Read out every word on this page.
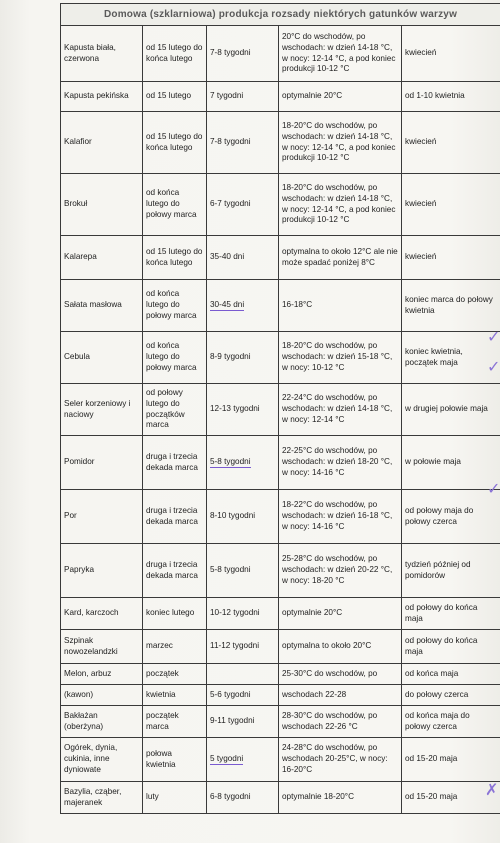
Domowa (szklarniowa) produkcja rozsady niektórych gatunków warzyw				
Kapusta biała, czerwona	od 15 lutego do końca lutego	7-8 tygodni	20°C do wschodów, po wschodach: w dzień 14-18 °C, w nocy: 12-14 °C, a pod koniec produkcji 10-12 °C	kwiecień
Kapusta pekińska	od 15 lutego	7 tygodni	optymalnie 20°C	od 1-10 kwietnia
Kalafior	od 15 lutego do końca lutego	7-8 tygodni	18-20°C do wschodów, po wschodach: w dzień 14-18 °C, w nocy: 12-14 °C, a pod koniec produkcji 10-12 °C	kwiecień
Brokuł	od końca lutego do połowy marca	6-7 tygodni	18-20°C do wschodów, po wschodach: w dzień 14-18 °C, w nocy: 12-14 °C, a pod koniec produkcji 10-12 °C	kwiecień
Kalarepa	od 15 lutego do końca lutego	35-40 dni	optymalna to około 12°C ale nie może spadać poniżej 8°C	kwiecień
Sałata masłowa	od końca lutego do połowy marca	30-45 dni	16-18°C	koniec marca do połowy kwietnia
Cebula	od końca lutego do połowy marca	8-9 tygodni	18-20°C do wschodów, po wschodach: w dzień 15-18 °C, w nocy: 10-12 °C	koniec kwietnia, początek maja
Seler korzeniowy i naciowy	od połowy lutego do początków marca	12-13 tygodni	22-24°C do wschodów, po wschodach: w dzień 14-18 °C, w nocy: 12-14 °C	w drugiej połowie maja
Pomidor	druga i trzecia dekada marca	5-8 tygodni	22-25°C do wschodów, po wschodach: w dzień 18-20 °C, w nocy: 14-16 °C	w połowie maja
Por	druga i trzecia dekada marca	8-10 tygodni	18-22°C do wschodów, po wschodach: w dzień 16-18 °C, w nocy: 14-16 °C	od połowy maja do połowy czerca
Papryka	druga i trzecia dekada marca	5-8 tygodni	25-28°C do wschodów, po wschodach: w dzień 20-22 °C, w nocy: 18-20 °C	tydzień później od pomidorów
Kard, karczoch	koniec lutego	10-12 tygodni	optymalnie 20°C	od połowy do końca maja
Szpinak nowozelandzki	marzec	11-12 tygodni	optymalna to około 20°C	od połowy do końca maja
Melon, arbuz	początek		25-30°C do wschodów, po	od końca maja
(kawon)	kwietnia	5-6 tygodni	wschodach 22-28	do połowy czerca
Bakłażan (oberżyna)	początek marca	9-11 tygodni	28-30°C do wschodów, po wschodach 22-26 °C	od końca maja do połowy czerca
Ogórek, dynia, cukinia, inne dyniowate	połowa kwietnia	5 tygodni	24-28°C do wschodów, po wschodach 20-25°C, w nocy: 16-20°C	od 15-20 maja
Bazylia, cząber, majeranek	luty	6-8 tygodni	optymalnie 18-20°C	od 15-20 maja
✓
✓
✓
✗
